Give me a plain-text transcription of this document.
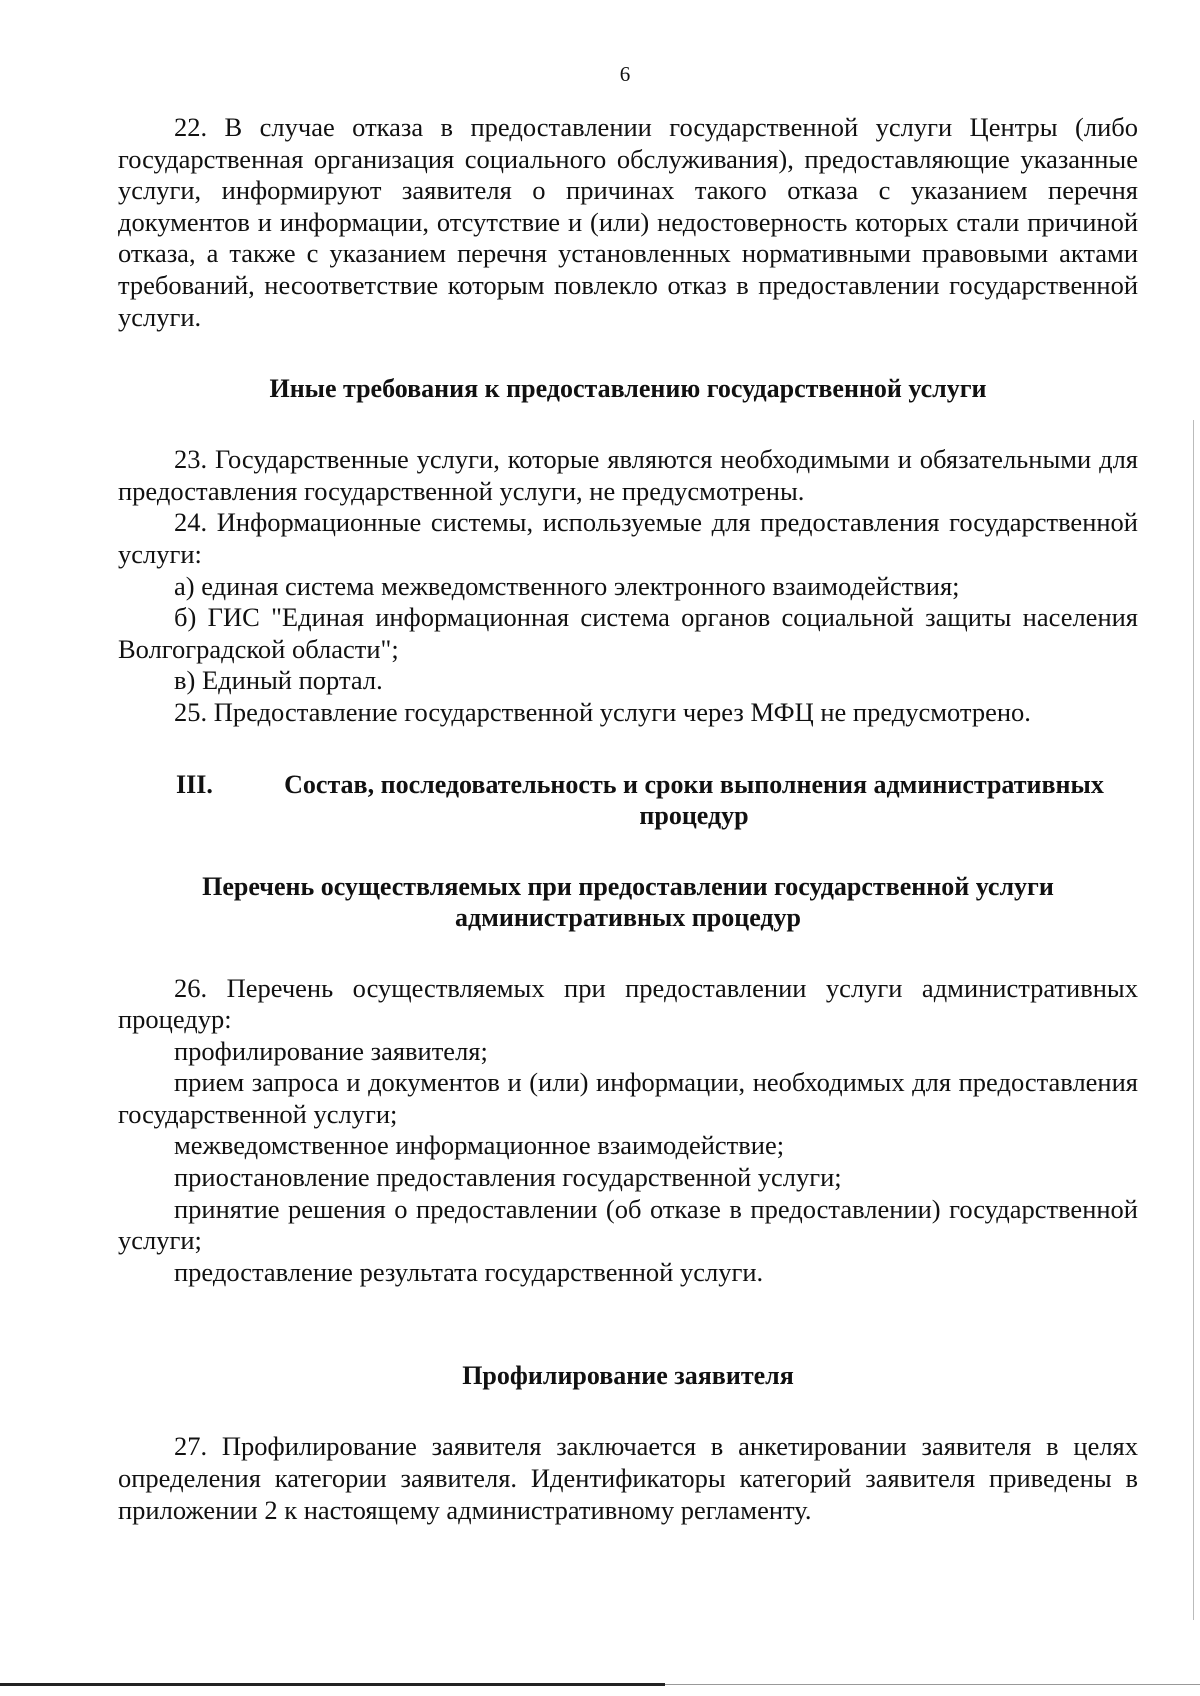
6

22. В случае отказа в предоставлении государственной услуги Центры (либо государственная организация социального обслуживания), предоставляющие указанные услуги, информируют заявителя о причинах такого отказа с указанием перечня документов и информации, отсутствие и (или) недостоверность которых стали причиной отказа, а также с указанием перечня установленных нормативными правовыми актами требований, несоответствие которым повлекло отказ в предоставлении государственной услуги.

Иные требования к предоставлению государственной услуги

23. Государственные услуги, которые являются необходимыми и обязательными для предоставления государственной услуги, не предусмотрены.

24. Информационные системы, используемые для предоставления государственной услуги:

а) единая система межведомственного электронного взаимодействия;

б) ГИС "Единая информационная система органов социальной защиты населения Волгоградской области";

в) Единый портал.

25. Предоставление государственной услуги через МФЦ не предусмотрено.

III.	Состав, последовательность и сроки выполнения административных процедур
Перечень осуществляемых при предоставлении государственной услуги административных процедур

26. Перечень осуществляемых при предоставлении услуги административных процедур:

профилирование заявителя;

прием запроса и документов и (или) информации, необходимых для предоставления государственной услуги;

межведомственное информационное взаимодействие;

приостановление предоставления государственной услуги;

принятие решения о предоставлении (об отказе в предоставлении) государственной услуги;

предоставление результата государственной услуги.

Профилирование заявителя

27. Профилирование заявителя заключается в анкетировании заявителя в целях определения категории заявителя. Идентификаторы категорий заявителя приведены в приложении 2 к настоящему административному регламенту.
